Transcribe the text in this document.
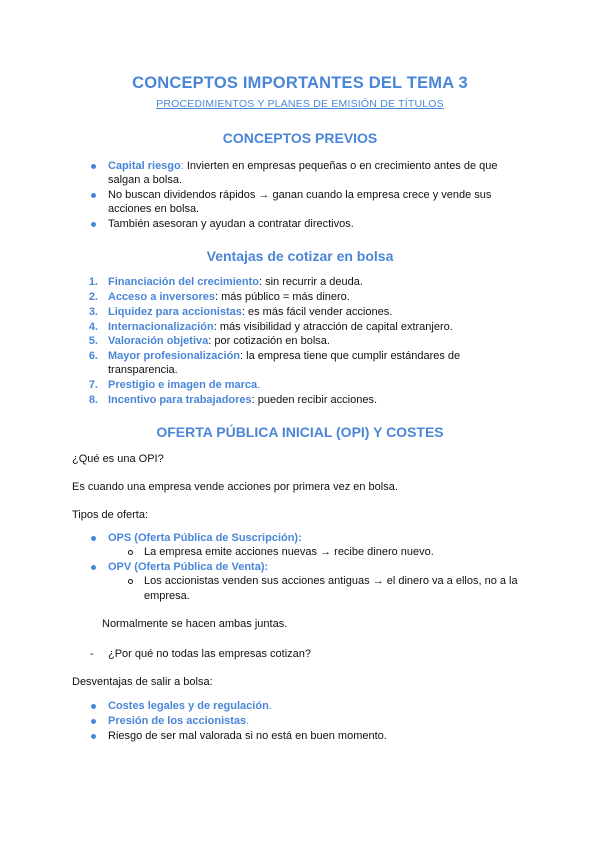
CONCEPTOS IMPORTANTES DEL TEMA 3
PROCEDIMIENTOS Y PLANES DE EMISIÓN DE TÍTULOS
CONCEPTOS PREVIOS
Capital riesgo: Invierten en empresas pequeñas o en crecimiento antes de que
salgan a bolsa.
No buscan dividendos rápidos → ganan cuando la empresa crece y vende sus
acciones en bolsa.
También asesoran y ayudan a contratar directivos.
Ventajas de cotizar en bolsa
1. Financiación del crecimiento: sin recurrir a deuda.
2. Acceso a inversores: más público = más dinero.
3. Liquidez para accionistas: es más fácil vender acciones.
4. Internacionalización: más visibilidad y atracción de capital extranjero.
5. Valoración objetiva: por cotización en bolsa.
6. Mayor profesionalización: la empresa tiene que cumplir estándares de
transparencia.
7. Prestigio e imagen de marca.
8. Incentivo para trabajadores: pueden recibir acciones.
OFERTA PÚBLICA INICIAL (OPI) Y COSTES
¿Qué es una OPI?
Es cuando una empresa vende acciones por primera vez en bolsa.
Tipos de oferta:
OPS (Oferta Pública de Suscripción):
La empresa emite acciones nuevas → recibe dinero nuevo.
OPV (Oferta Pública de Venta):
Los accionistas venden sus acciones antiguas → el dinero va a ellos, no a la
empresa.
Normalmente se hacen ambas juntas.
- ¿Por qué no todas las empresas cotizan?
Desventajas de salir a bolsa:
Costes legales y de regulación.
Presión de los accionistas.
Riesgo de ser mal valorada si no está en buen momento.
